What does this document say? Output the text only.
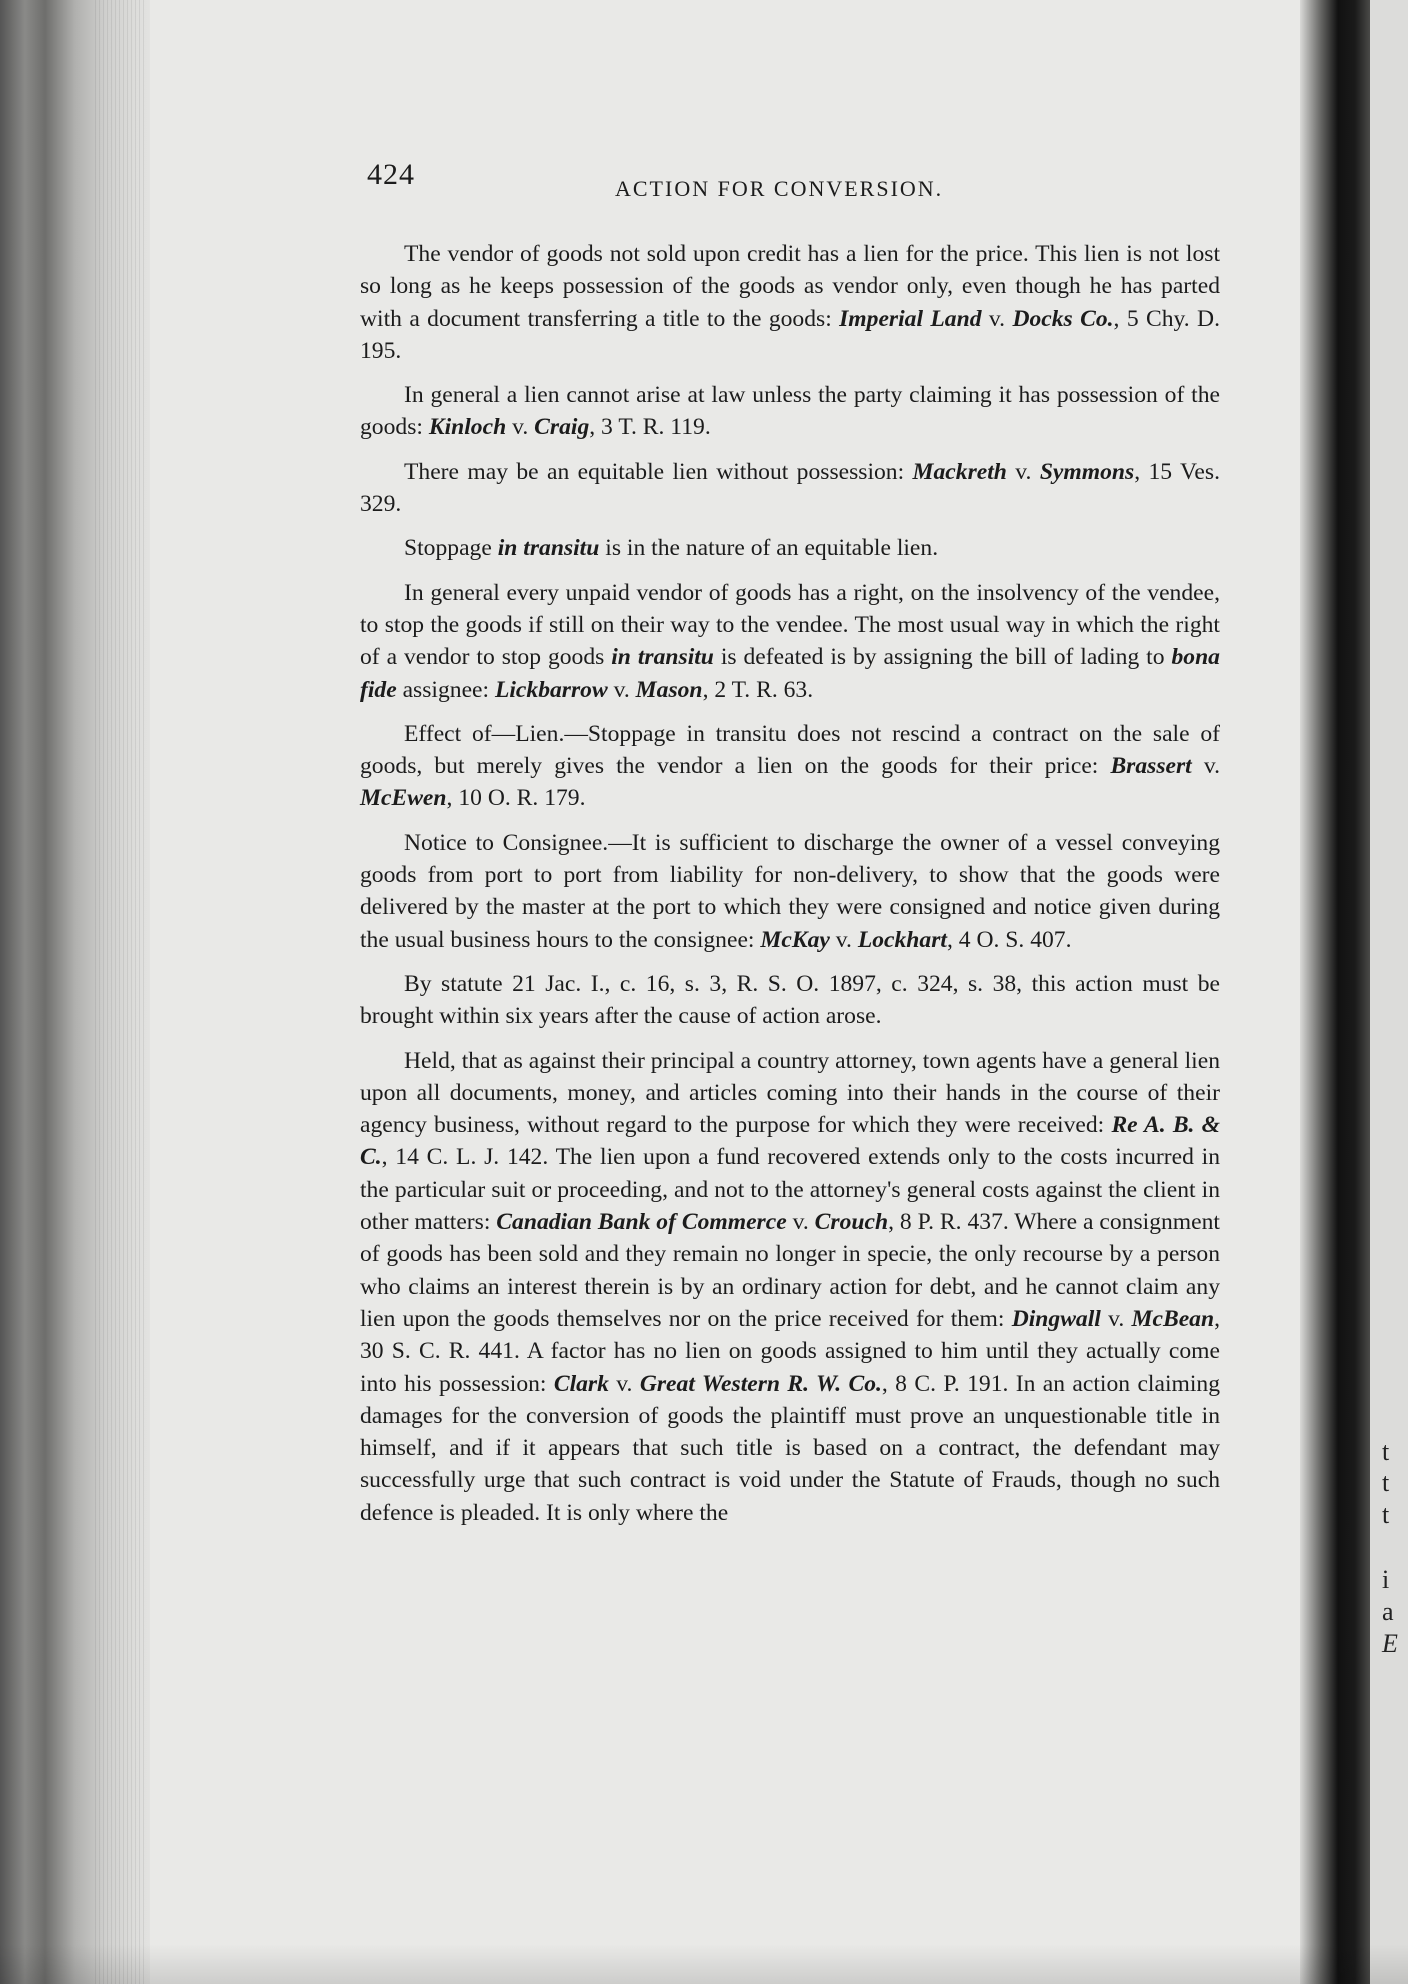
424	ACTION FOR CONVERSION.

The vendor of goods not sold upon credit has a lien for the price. This lien is not lost so long as he keeps possession of the goods as vendor only, even though he has parted with a document transferring a title to the goods: Imperial Land v. Docks Co., 5 Chy. D. 195.

In general a lien cannot arise at law unless the party claiming it has possession of the goods: Kinloch v. Craig, 3 T. R. 119.

There may be an equitable lien without possession: Mackreth v. Symmons, 15 Ves. 329.

Stoppage in transitu is in the nature of an equitable lien.

In general every unpaid vendor of goods has a right, on the insolvency of the vendee, to stop the goods if still on their way to the vendee. The most usual way in which the right of a vendor to stop goods in transitu is defeated is by assigning the bill of lading to bona fide assignee: Lickbarrow v. Mason, 2 T. R. 63.

Effect of—Lien.—Stoppage in transitu does not rescind a contract on the sale of goods, but merely gives the vendor a lien on the goods for their price: Brassert v. McEwen, 10 O. R. 179.

Notice to Consignee.—It is sufficient to discharge the owner of a vessel conveying goods from port to port from liability for non-delivery, to show that the goods were delivered by the master at the port to which they were consigned and notice given during the usual business hours to the consignee: McKay v. Lockhart, 4 O. S. 407.

By statute 21 Jac. I., c. 16, s. 3, R. S. O. 1897, c. 324, s. 38, this action must be brought within six years after the cause of action arose.

Held, that as against their principal a country attorney, town agents have a general lien upon all documents, money, and articles coming into their hands in the course of their agency business, without regard to the purpose for which they were received: Re A. B. & C., 14 C. L. J. 142. The lien upon a fund recovered extends only to the costs incurred in the particular suit or proceeding, and not to the attorney's general costs against the client in other matters: Canadian Bank of Commerce v. Crouch, 8 P. R. 437. Where a consignment of goods has been sold and they remain no longer in specie, the only recourse by a person who claims an interest therein is by an ordinary action for debt, and he cannot claim any lien upon the goods themselves nor on the price received for them: Dingwall v. McBean, 30 S. C. R. 441. A factor has no lien on goods assigned to him until they actually come into his possession: Clark v. Great Western R. W. Co., 8 C. P. 191. In an action claiming damages for the conversion of goods the plaintiff must prove an unquestionable title in himself, and if it appears that such title is based on a contract, the defendant may successfully urge that such contract is void under the Statute of Frauds, though no such defence is pleaded. It is only where the

t
t
t
i
a
E
